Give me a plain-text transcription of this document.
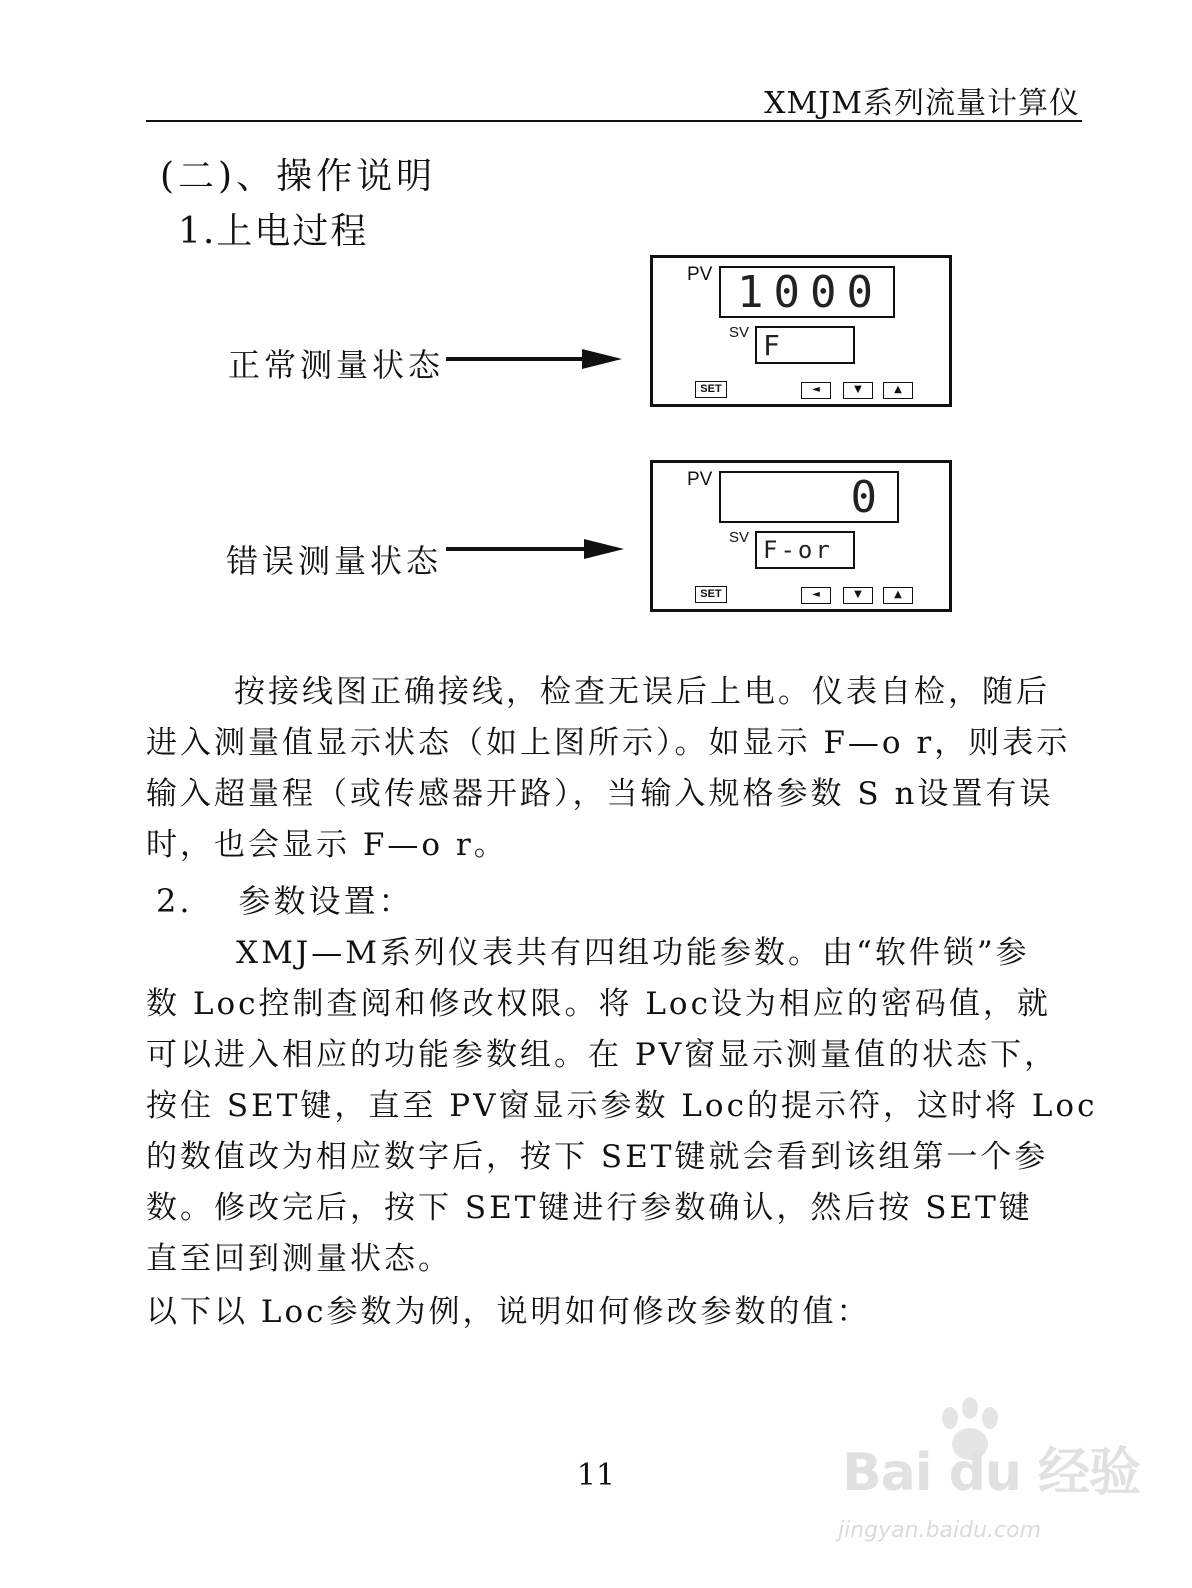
XMJM系列流量计算仪
(二)、操作说明
1.上电过程
正常测量状态
PV 1000
SV F
SET	◄	▼	▲
错误测量状态
PV	0
SV F-or
SET	◄	▼	▲
按接线图正确接线，检查无误后上电。仪表自检，随后
进入测量值显示状态（如上图所示）。如显示 F—o r，则表示
输入超量程（或传感器开路），当输入规格参数 S n设置有误
时，也会显示 F—o r。
2. 参数设置：
XMJ—M系列仪表共有四组功能参数。由“软件锁”参
数 Loc控制查阅和修改权限。将 Loc设为相应的密码值，就
可以进入相应的功能参数组。在 PV窗显示测量值的状态下，
按住 SET键，直至 PV窗显示参数 Loc的提示符，这时将 Loc
的数值改为相应数字后，按下 SET键就会看到该组第一个参
数。修改完后，按下 SET键进行参数确认，然后按 SET键
直至回到测量状态。
以下以 Loc参数为例，说明如何修改参数的值：
11	Bai du 经验
jingyan.baidu.com
